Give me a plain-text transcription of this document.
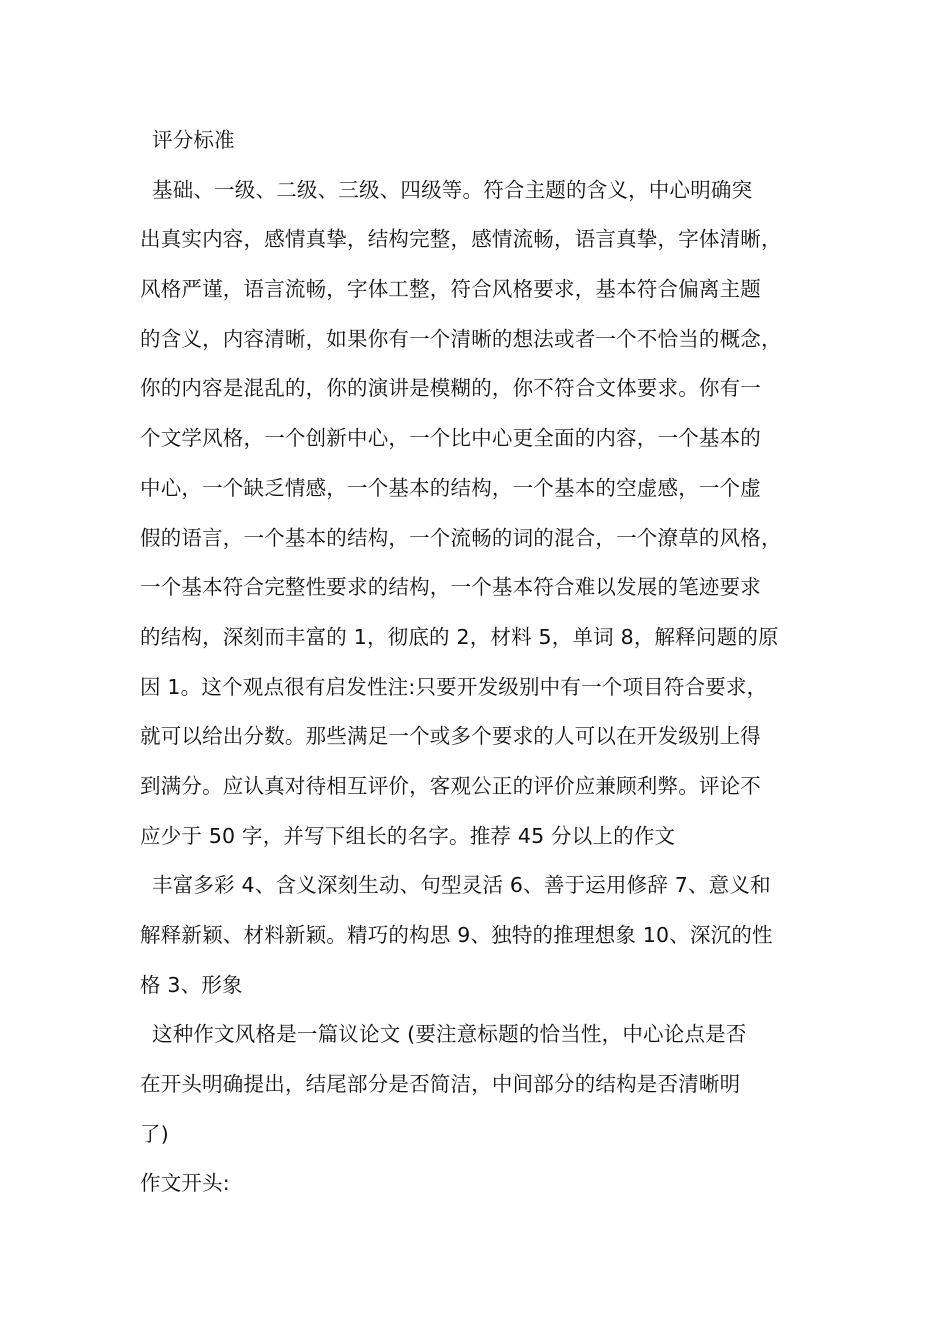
评分标准
基础、一级、二级、三级、四级等。符合主题的含义，中心明确突
出真实内容，感情真挚，结构完整，感情流畅，语言真挚，字体清晰，
风格严谨，语言流畅，字体工整，符合风格要求，基本符合偏离主题
的含义，内容清晰，如果你有一个清晰的想法或者一个不恰当的概念，
你的内容是混乱的，你的演讲是模糊的，你不符合文体要求。你有一
个文学风格，一个创新中心，一个比中心更全面的内容，一个基本的
中心，一个缺乏情感，一个基本的结构，一个基本的空虚感，一个虚
假的语言，一个基本的结构，一个流畅的词的混合，一个潦草的风格，
一个基本符合完整性要求的结构，一个基本符合难以发展的笔迹要求
的结构，深刻而丰富的 1，彻底的 2，材料 5，单词 8，解释问题的原
因 1。这个观点很有启发性注:只要开发级别中有一个项目符合要求，
就可以给出分数。那些满足一个或多个要求的人可以在开发级别上得
到满分。应认真对待相互评价，客观公正的评价应兼顾利弊。评论不
应少于 50 字，并写下组长的名字。推荐 45 分以上的作文
丰富多彩 4、含义深刻生动、句型灵活 6、善于运用修辞 7、意义和
解释新颖、材料新颖。精巧的构思 9、独特的推理想象 10、深沉的性
格 3、形象
这种作文风格是一篇议论文 (要注意标题的恰当性，中心论点是否
在开头明确提出，结尾部分是否简洁，中间部分的结构是否清晰明
了)
作文开头:
